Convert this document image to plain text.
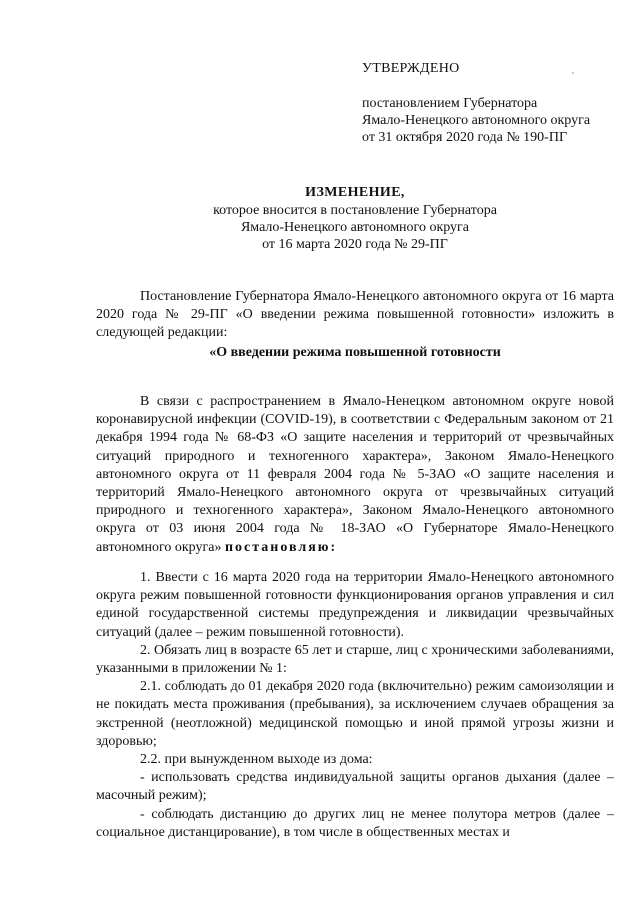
УТВЕРЖДЕНО
постановлением Губернатора
Ямало-Ненецкого автономного округа
от 31 октября 2020 года № 190-ПГ
ИЗМЕНЕНИЕ,
которое вносится в постановление Губернатора
Ямало-Ненецкого автономного округа
от 16 марта 2020 года № 29-ПГ

Постановление Губернатора Ямало-Ненецкого автономного округа от 16 марта 2020 года № 29-ПГ «О введении режима повышенной готовности» изложить в следующей редакции:

«О введении режима повышенной готовности

В связи с распространением в Ямало-Ненецком автономном округе новой коронавирусной инфекции (COVID-19), в соответствии с Федеральным законом от 21 декабря 1994 года № 68-ФЗ «О защите населения и территорий от чрезвычайных ситуаций природного и техногенного характера», Законом Ямало-Ненецкого автономного округа от 11 февраля 2004 года № 5-ЗАО «О защите населения и территорий Ямало-Ненецкого автономного округа от чрезвычайных ситуаций природного и техногенного характера», Законом Ямало-Ненецкого автономного округа от 03 июня 2004 года № 18-ЗАО «О Губернаторе Ямало-Ненецкого автономного округа» постановляю:

1. Ввести с 16 марта 2020 года на территории Ямало-Ненецкого автономного округа режим повышенной готовности функционирования органов управления и сил единой государственной системы предупреждения и ликвидации чрезвычайных ситуаций (далее – режим повышенной готовности).

2. Обязать лиц в возрасте 65 лет и старше, лиц с хроническими заболеваниями, указанными в приложении № 1:

2.1. соблюдать до 01 декабря 2020 года (включительно) режим самоизоляции и не покидать места проживания (пребывания), за исключением случаев обращения за экстренной (неотложной) медицинской помощью и иной прямой угрозы жизни и здоровью;

2.2. при вынужденном выходе из дома:

- использовать средства индивидуальной защиты органов дыхания (далее – масочный режим);

- соблюдать дистанцию до других лиц не менее полутора метров (далее – социальное дистанцирование), в том числе в общественных местах и
